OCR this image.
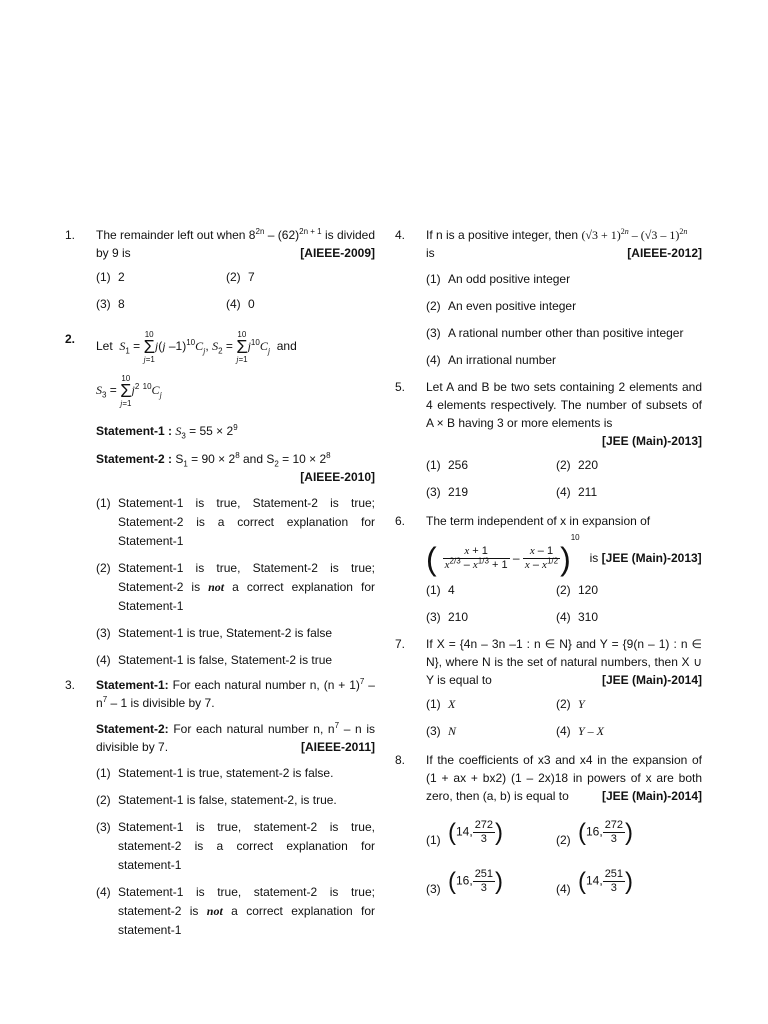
1. The remainder left out when $8^{2n} - (62)^{2n + 1}$ is divided by 9 is	[AIEEE-2009]
(1) 2	(2) 7
(3) 8	(4) 0
2.
Let $S_1 = 10$
Σ
j=1j(j $-1)^{10}C_j$, $S_2 = 10$
Σ
$j=1j^{10}C_j$ and
$S_3 = 10$
Σ
$j=1j^2$ $^{10}C_j$
Statement-1 : $S_3 = 55 \times 2^9$
Statement-2 : $S_1 = 90 \times 2^8$ and $S_2 = 10 \times 2^8$
[AIEEE-2010]
(1) Statement-1 is true, Statement-2 is true; Statement-2 is a correct explanation for Statement-1
(2) Statement-1 is true, Statement-2 is true; Statement-2 is not a correct explanation for Statement-1
(3) Statement-1 is true, Statement-2 is false
(4) Statement-1 is false, Statement-2 is true
3. Statement-1: For each natural number n, $(n + 1)^7 - n^7 - 1$ is divisible by 7.
Statement-2: For each natural number n, $n^7$ – n is divisible by 7.	[AIEEE-2011]
(1) Statement-1 is true, statement-2 is false.
(2) Statement-1 is false, statement-2, is true.
(3) Statement-1 is true, statement-2 is true, statement-2 is a correct explanation for statement-1
(4) Statement-1 is true, statement-2 is true; statement-2 is not a correct explanation for statement-1
4. If n is a positive integer, then $(√3 + 1)^{2n} - (√3 - 1)^{2n}$
is	[AIEEE-2012]
(1) An odd positive integer
(2) An even positive integer
(3) A rational number other than positive integer
(4) An irrational number
5. Let A and B be two sets containing 2 elements and 4 elements respectively. The number of subsets of A × B having 3 or more elements is
[JEE (Main)-2013]
(1) 256	(2) 220
(3) 219	(4) 211
6. The term independent of x in expansion of
( $\frac{x + 1}{x^{2/3} - x^{1/3} + 1} - \frac{x - 1}{x - x^{1/2}} )^{10}$   is [JEE (Main)-2013]
(1) 4	(2) 120
(3) 210	(4) 310
7. If X = {4n – 3n –1 : n ∈ N} and Y = {9(n – 1) : n ∈ N}, where N is the set of natural numbers, then X ∪ Y is equal to	[JEE (Main)-2014]
(1) X	(2) Y
(3) N	(4) Y – X
8. If the coefficients of x3 and x4 in the expansion of (1 + ax + bx2) (1 – 2x)18 in powers of x are both zero, then (a, b) is equal to	[JEE (Main)-2014]
(1) (14, $\frac{272}{3}$ )	(2) (16, $\frac{272}{3}$ )
(3) (16, $\frac{251}{3}$ )	(4) (14, $\frac{251}{3}$ )
